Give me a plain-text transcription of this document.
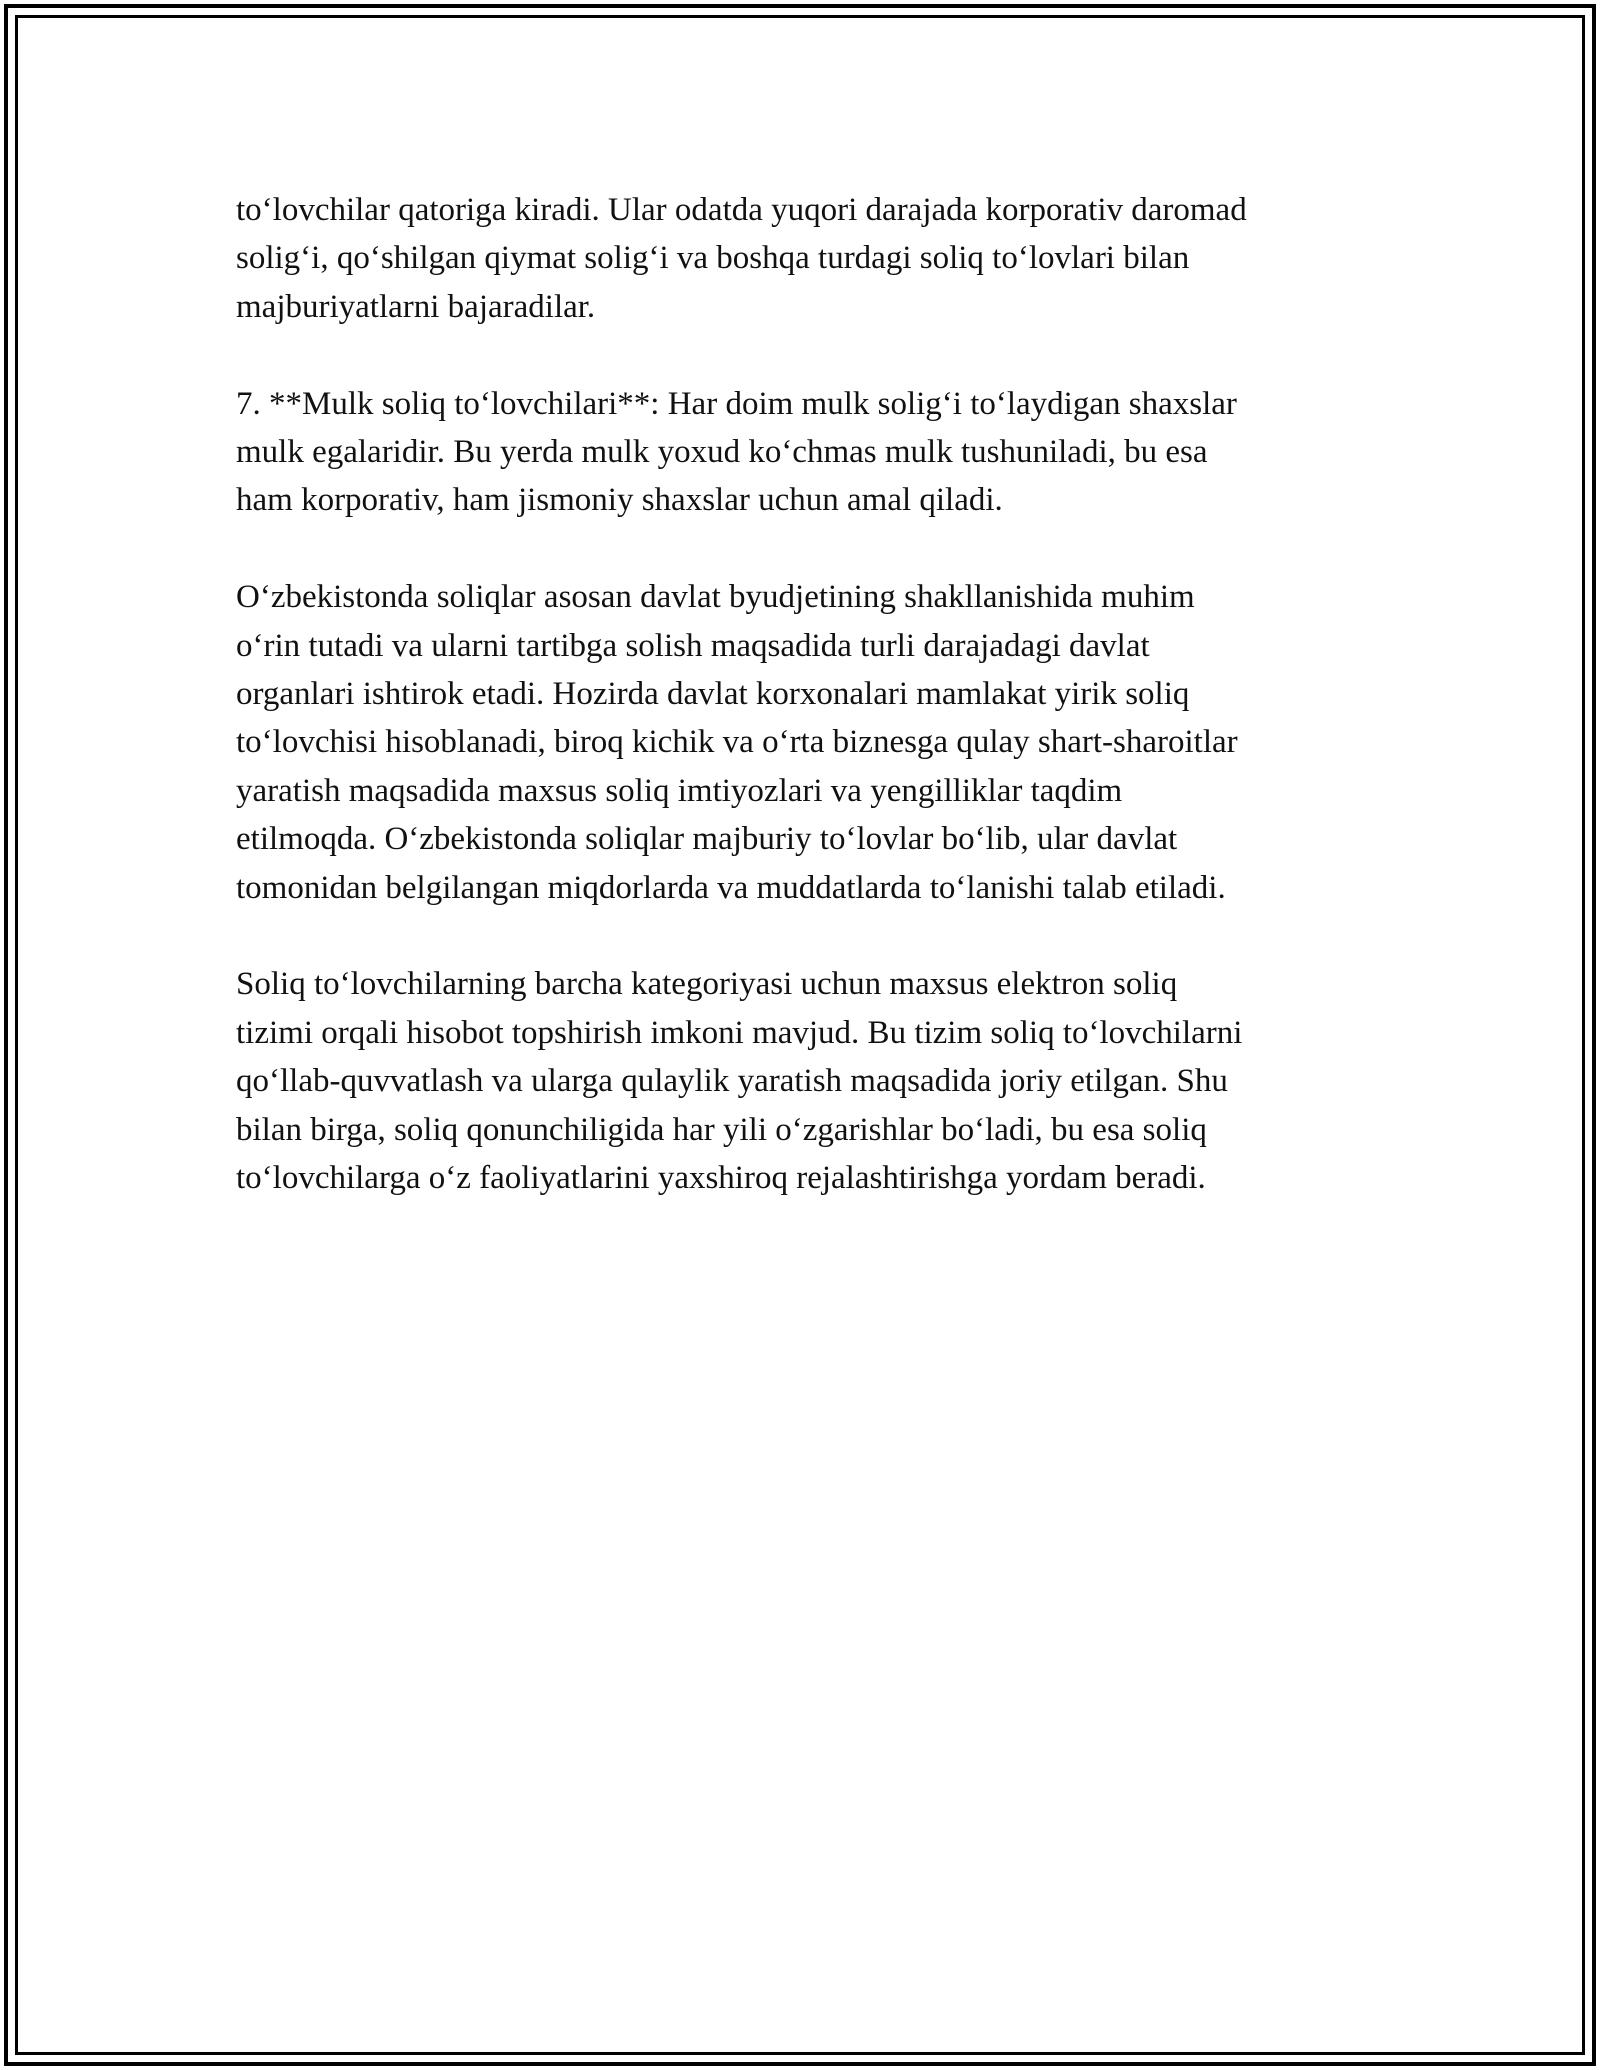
to‘lovchilar qatoriga kiradi. Ular odatda yuqori darajada korporativ daromad
solig‘i, qo‘shilgan qiymat solig‘i va boshqa turdagi soliq to‘lovlari bilan
majburiyatlarni bajaradilar.

7. **Mulk soliq to‘lovchilari**: Har doim mulk solig‘i to‘laydigan shaxslar
mulk egalaridir. Bu yerda mulk yoxud ko‘chmas mulk tushuniladi, bu esa
ham korporativ, ham jismoniy shaxslar uchun amal qiladi.

O‘zbekistonda soliqlar asosan davlat byudjetining shakllanishida muhim
o‘rin tutadi va ularni tartibga solish maqsadida turli darajadagi davlat
organlari ishtirok etadi. Hozirda davlat korxonalari mamlakat yirik soliq
to‘lovchisi hisoblanadi, biroq kichik va o‘rta biznesga qulay shart-sharoitlar
yaratish maqsadida maxsus soliq imtiyozlari va yengilliklar taqdim
etilmoqda. O‘zbekistonda soliqlar majburiy to‘lovlar bo‘lib, ular davlat
tomonidan belgilangan miqdorlarda va muddatlarda to‘lanishi talab etiladi.

Soliq to‘lovchilarning barcha kategoriyasi uchun maxsus elektron soliq
tizimi orqali hisobot topshirish imkoni mavjud. Bu tizim soliq to‘lovchilarni
qo‘llab-quvvatlash va ularga qulaylik yaratish maqsadida joriy etilgan. Shu
bilan birga, soliq qonunchiligida har yili o‘zgarishlar bo‘ladi, bu esa soliq
to‘lovchilarga o‘z faoliyatlarini yaxshiroq rejalashtirishga yordam beradi.
